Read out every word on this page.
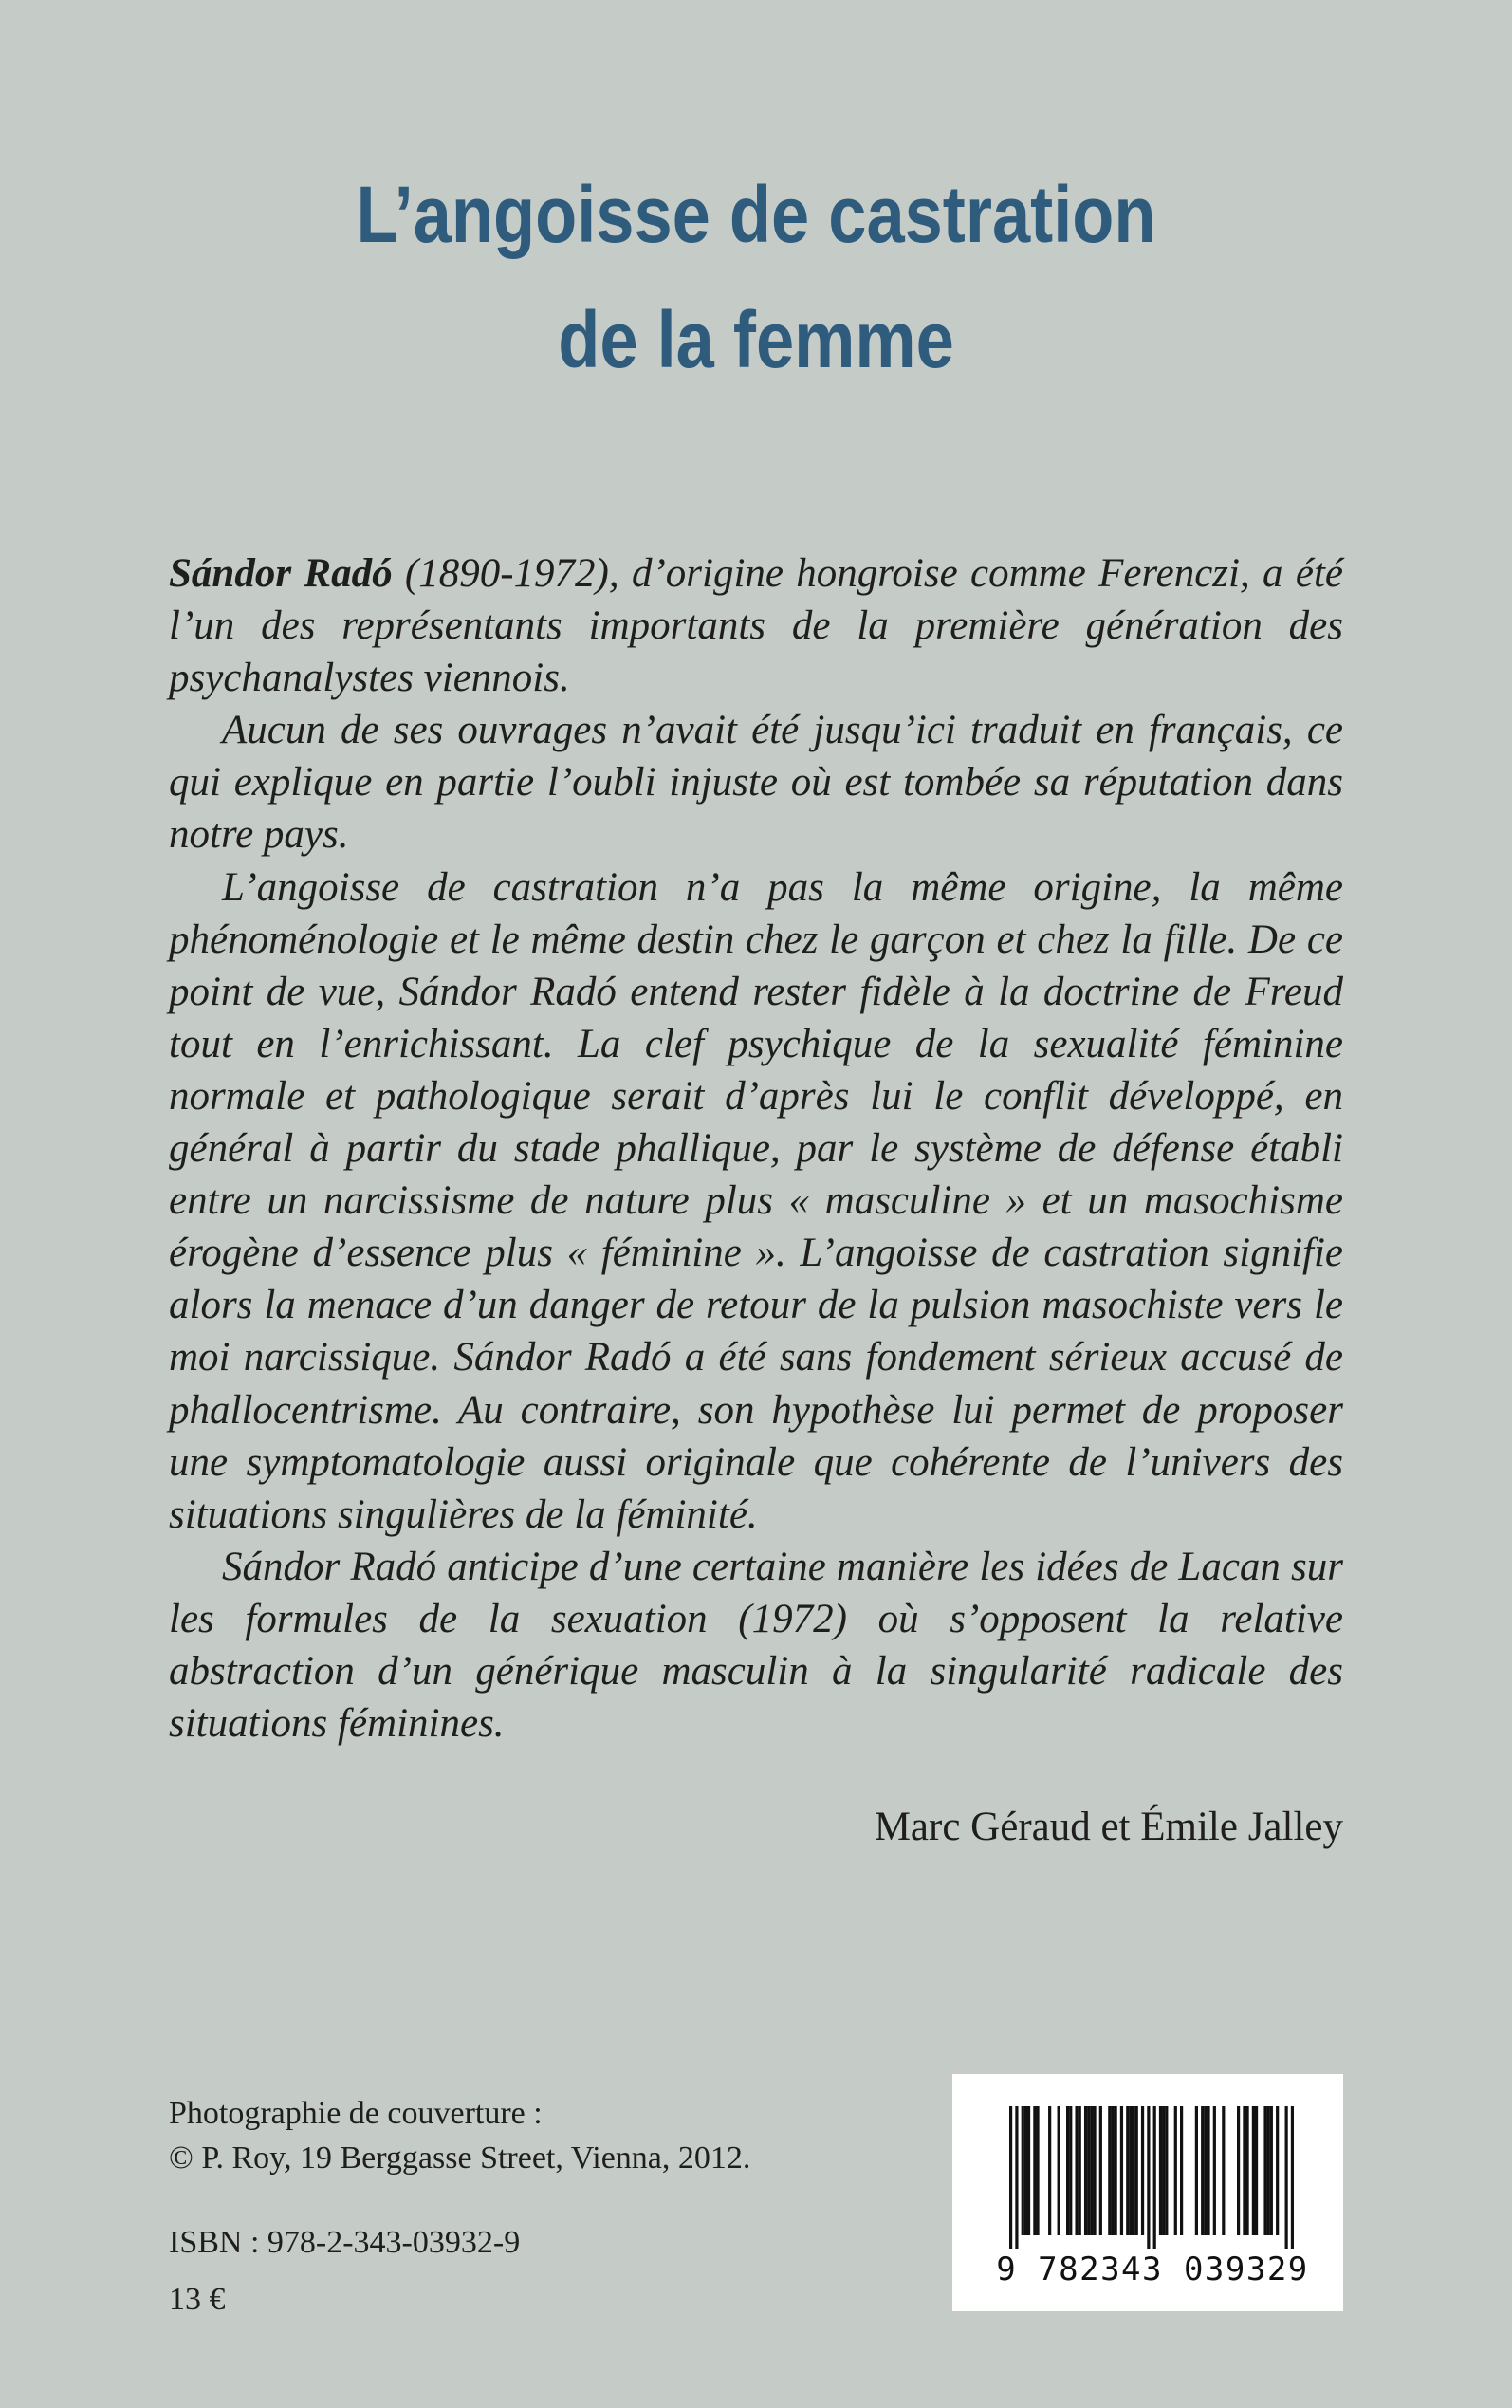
L’angoisse de castration
de la femme

Sándor Radó (1890-1972), d’origine hongroise comme Ferenczi, a été l’un des représentants importants de la première génération des psychanalystes viennois.

Aucun de ses ouvrages n’avait été jusqu’ici traduit en français, ce qui explique en partie l’oubli injuste où est tombée sa réputation dans notre pays.

L’angoisse de castration n’a pas la même origine, la même phénoménologie et le même destin chez le garçon et chez la fille. De ce point de vue, Sándor Radó entend rester fidèle à la doctrine de Freud tout en l’enrichissant. La clef psychique de la sexualité féminine normale et pathologique serait d’après lui le conflit développé, en général à partir du stade phallique, par le système de défense établi entre un narcissisme de nature plus « masculine » et un masochisme érogène d’essence plus « féminine ». L’angoisse de castration signifie alors la menace d’un danger de retour de la pulsion masochiste vers le moi narcissique. Sándor Radó a été sans fondement sérieux accusé de phallocentrisme. Au contraire, son hypothèse lui permet de proposer une symptomatologie aussi originale que cohérente de l’univers des situations singulières de la féminité.

Sándor Radó anticipe d’une certaine manière les idées de Lacan sur les formules de la sexuation (1972) où s’opposent la relative abstraction d’un générique masculin à la singularité radicale des situations féminines.

Marc Géraud et Émile Jalley
Photographie de couverture :
© P. Roy, 19 Berggasse Street, Vienna, 2012.
ISBN : 978-2-343-03932-9
13 €
9 782343 039329
